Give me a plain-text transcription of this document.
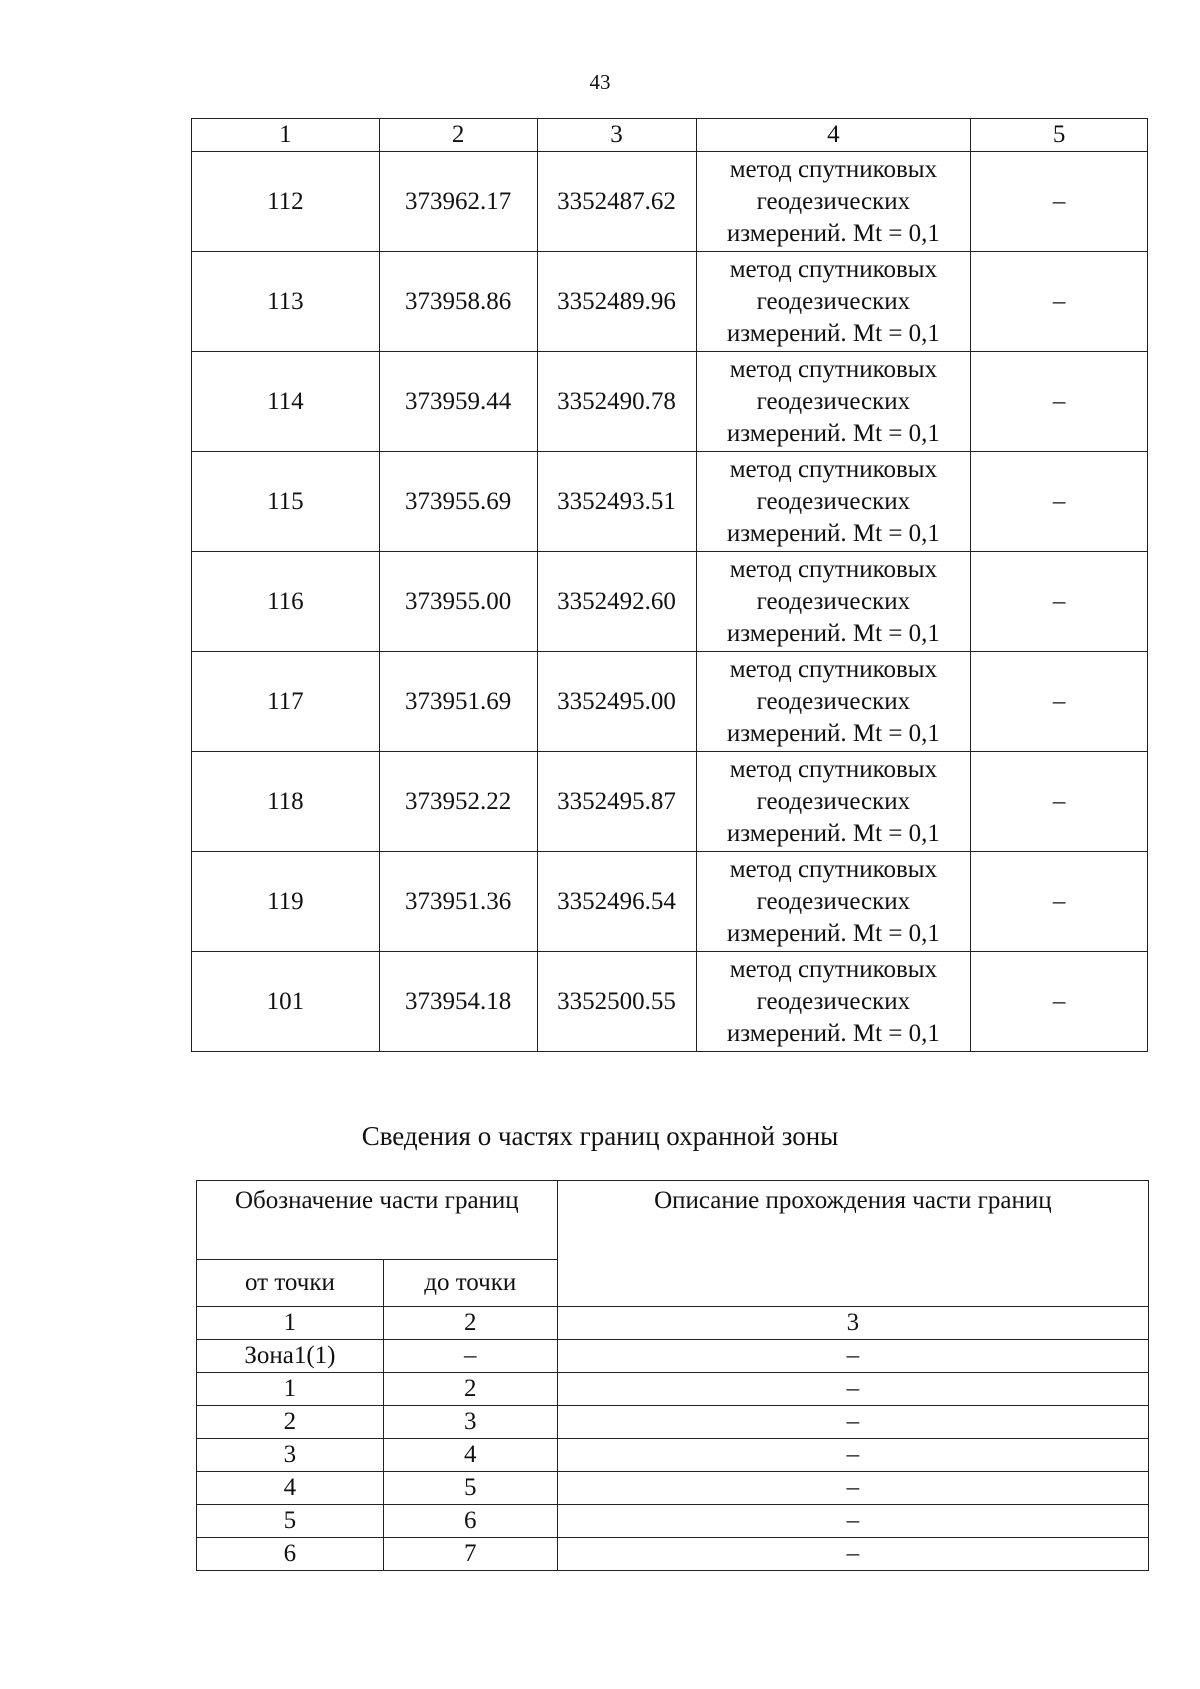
43
1	2	3	4	5
112	373962.17	3352487.62	метод спутниковых
геодезических
измерений. Mt = 0,1	–
113	373958.86	3352489.96	метод спутниковых
геодезических
измерений. Mt = 0,1	–
114	373959.44	3352490.78	метод спутниковых
геодезических
измерений. Mt = 0,1	–
115	373955.69	3352493.51	метод спутниковых
геодезических
измерений. Mt = 0,1	–
116	373955.00	3352492.60	метод спутниковых
геодезических
измерений. Mt = 0,1	–
117	373951.69	3352495.00	метод спутниковых
геодезических
измерений. Mt = 0,1	–
118	373952.22	3352495.87	метод спутниковых
геодезических
измерений. Mt = 0,1	–
119	373951.36	3352496.54	метод спутниковых
геодезических
измерений. Mt = 0,1	–
101	373954.18	3352500.55	метод спутниковых
геодезических
измерений. Mt = 0,1	–
Сведения о частях границ охранной зоны
Обозначение части границ		Описание прохождения части границ
от точки	до точки	
1	2	3
Зона1(1)	–	–
1	2	–
2	3	–
3	4	–
4	5	–
5	6	–
6	7	–
